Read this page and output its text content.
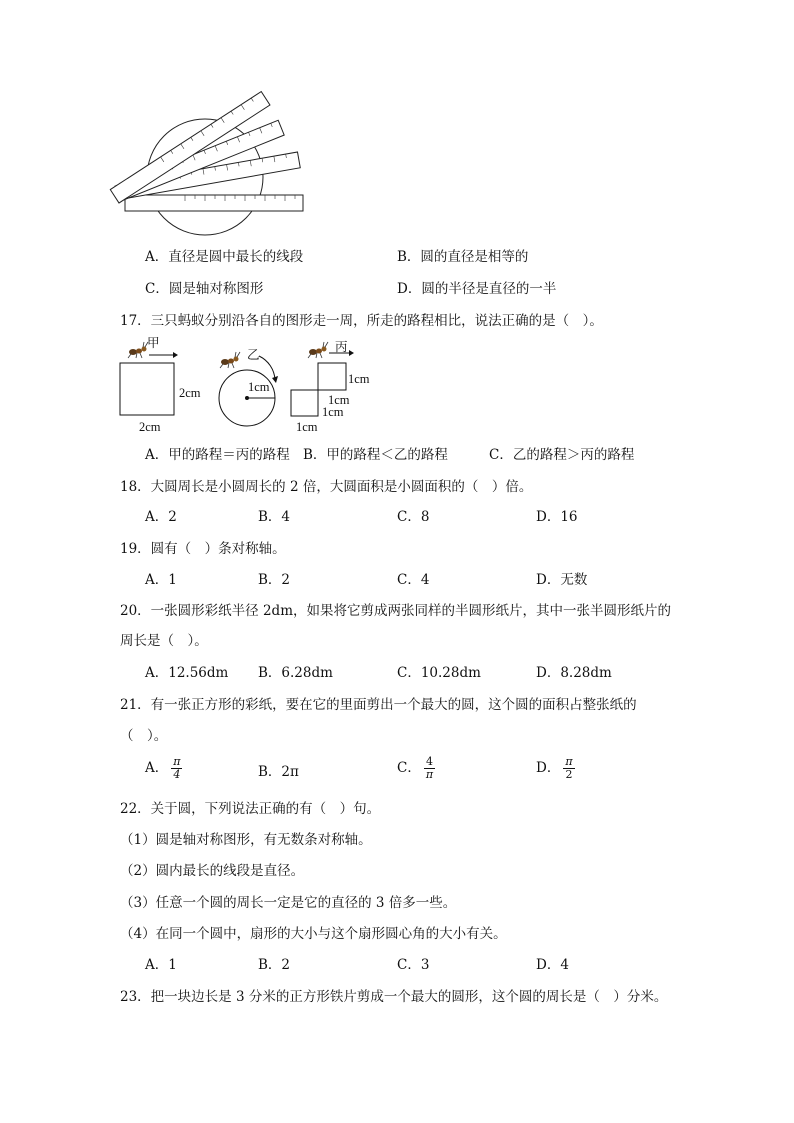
A．直径是圆中最长的线段	B．圆的直径是相等的
C．圆是轴对称图形	D．圆的半径是直径的一半
17．三只蚂蚁分别沿各自的图形走一周，所走的路程相比，说法正确的是（　）。
甲
2cm
2cm
乙
1cm
丙
1cm
1cm
1cm
1cm
A．甲的路程＝丙的路程 B．甲的路程＜乙的路程	C．乙的路程＞丙的路程
18．大圆周长是小圆周长的 2 倍，大圆面积是小圆面积的（　）倍。
A．2	B．4	C．8	D．16
19．圆有（　）条对称轴。
A．1	B．2	C．4	D．无数
20．一张圆形彩纸半径 2dm，如果将它剪成两张同样的半圆形纸片，其中一张半圆形纸片的
周长是（　）。
A．12.56dm B．6.28dm	C．10.28dm	D．8.28dm
21．有一张正方形的彩纸，要在它的里面剪出一个最大的圆，这个圆的面积占整张纸的
（　）。
A． $\frac{\pi}{4}$	B．2π	C． $\frac{4}{\pi}$	D． $\frac{\pi}{2}$
22．关于圆，下列说法正确的有（　）句。
（1）圆是轴对称图形，有无数条对称轴。
（2）圆内最长的线段是直径。
（3）任意一个圆的周长一定是它的直径的 3 倍多一些。
（4）在同一个圆中，扇形的大小与这个扇形圆心角的大小有关。
A．1	B．2	C．3	D．4
23．把一块边长是 3 分米的正方形铁片剪成一个最大的圆形，这个圆的周长是（　）分米。
